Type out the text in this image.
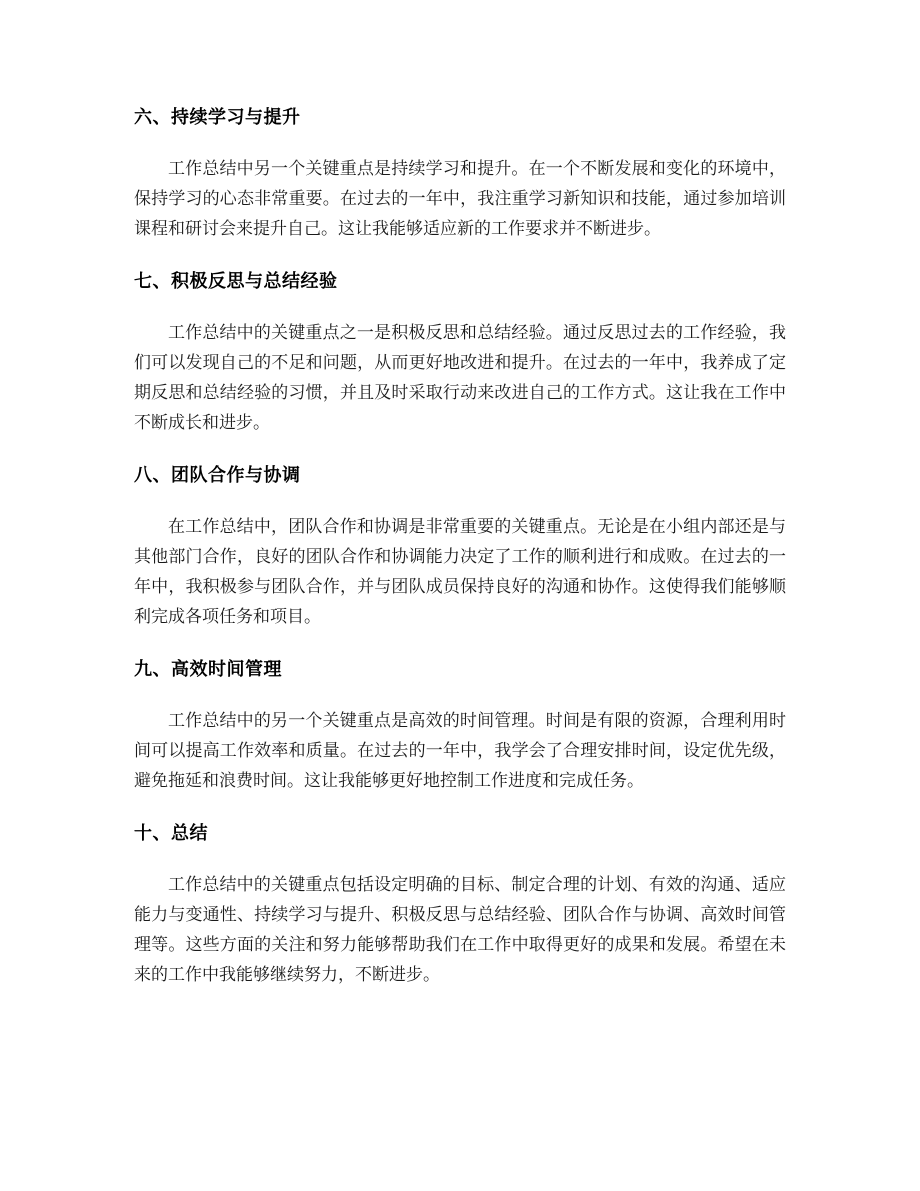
六、持续学习与提升

工作总结中另一个关键重点是持续学习和提升。在一个不断发展和变化的环境中，保持学习的心态非常重要。在过去的一年中，我注重学习新知识和技能，通过参加培训课程和研讨会来提升自己。这让我能够适应新的工作要求并不断进步。

七、积极反思与总结经验

工作总结中的关键重点之一是积极反思和总结经验。通过反思过去的工作经验，我们可以发现自己的不足和问题，从而更好地改进和提升。在过去的一年中，我养成了定期反思和总结经验的习惯，并且及时采取行动来改进自己的工作方式。这让我在工作中不断成长和进步。

八、团队合作与协调

在工作总结中，团队合作和协调是非常重要的关键重点。无论是在小组内部还是与其他部门合作，良好的团队合作和协调能力决定了工作的顺利进行和成败。在过去的一年中，我积极参与团队合作，并与团队成员保持良好的沟通和协作。这使得我们能够顺利完成各项任务和项目。

九、高效时间管理

工作总结中的另一个关键重点是高效的时间管理。时间是有限的资源，合理利用时间可以提高工作效率和质量。在过去的一年中，我学会了合理安排时间，设定优先级，避免拖延和浪费时间。这让我能够更好地控制工作进度和完成任务。

十、总结

工作总结中的关键重点包括设定明确的目标、制定合理的计划、有效的沟通、适应能力与变通性、持续学习与提升、积极反思与总结经验、团队合作与协调、高效时间管理等。这些方面的关注和努力能够帮助我们在工作中取得更好的成果和发展。希望在未来的工作中我能够继续努力，不断进步。
